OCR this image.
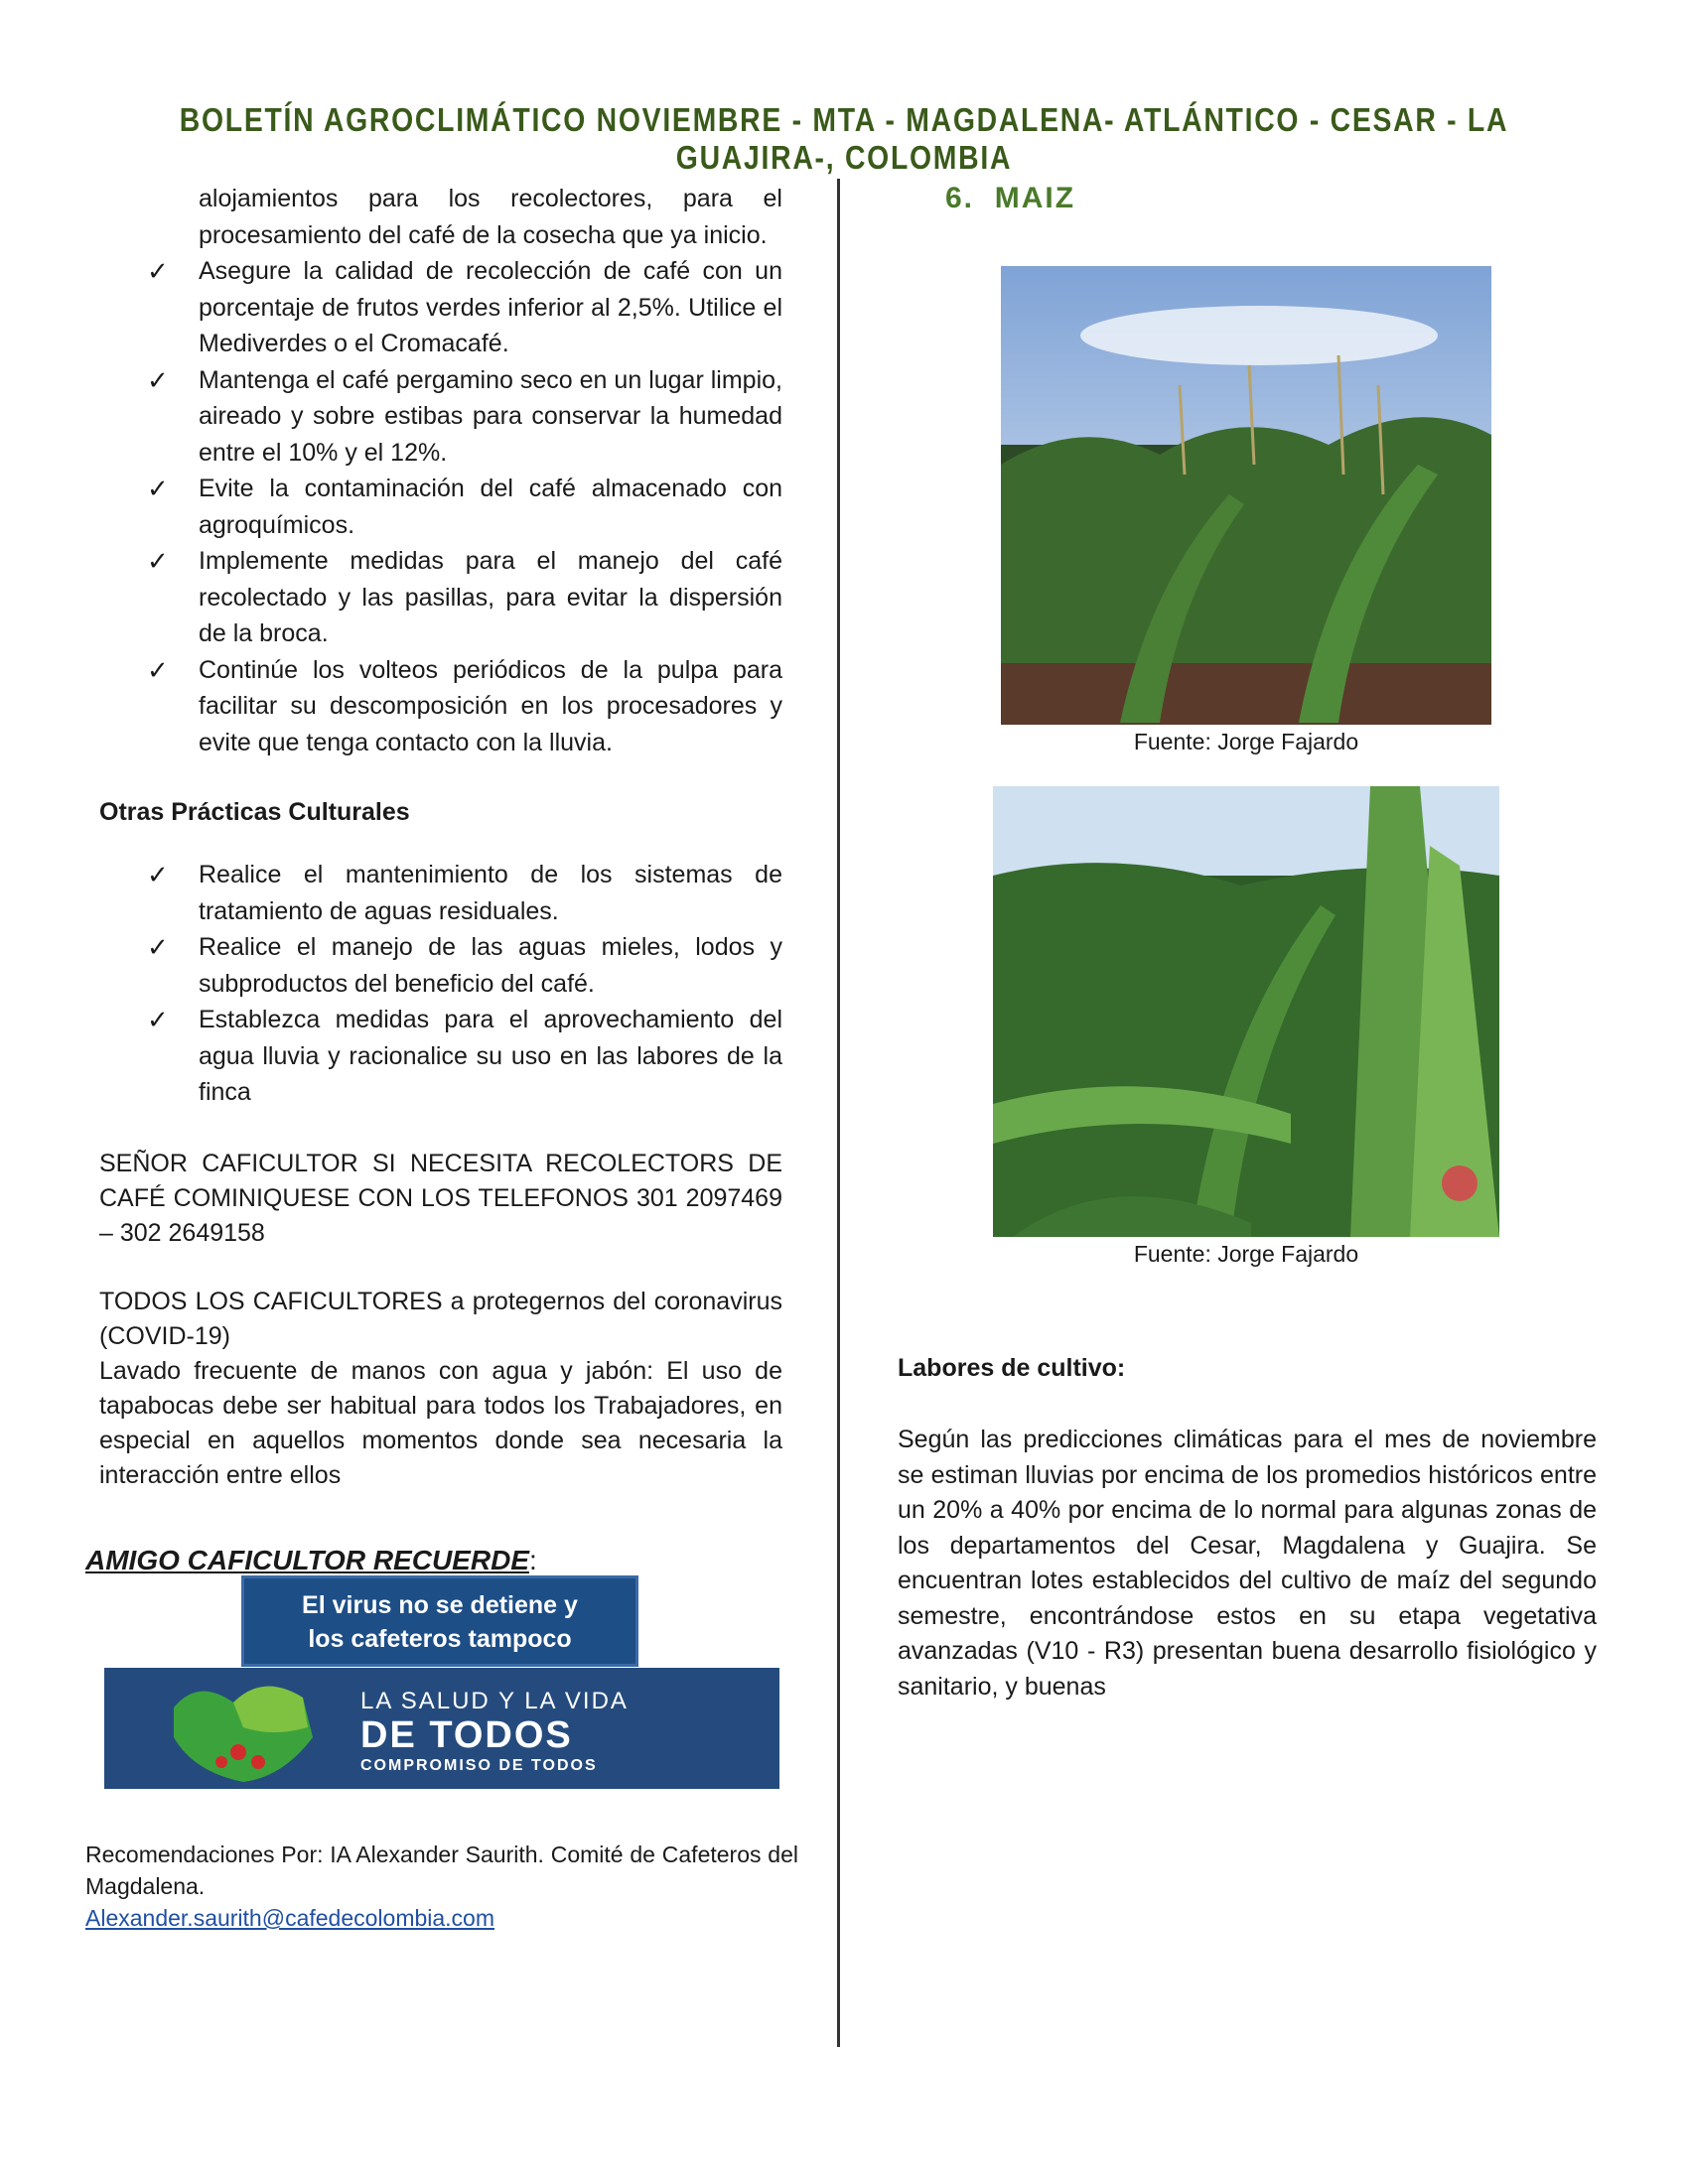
BOLETÍN AGROCLIMÁTICO NOVIEMBRE - MTA - MAGDALENA- ATLÁNTICO - CESAR - LA GUAJIRA-, COLOMBIA
alojamientos para los recolectores, para el procesamiento del café de la cosecha que ya inicio.
✓ Asegure la calidad de recolección de café con un porcentaje de frutos verdes inferior al 2,5%. Utilice el Mediverdes o el Cromacafé.
✓ Mantenga el café pergamino seco en un lugar limpio, aireado y sobre estibas para conservar la humedad entre el 10% y el 12%.
✓ Evite la contaminación del café almacenado con agroquímicos.
✓ Implemente medidas para el manejo del café recolectado y las pasillas, para evitar la dispersión de la broca.
✓ Continúe los volteos periódicos de la pulpa para facilitar su descomposición en los procesadores y evite que tenga contacto con la lluvia.

Otras Prácticas Culturales

✓ Realice el mantenimiento de los sistemas de tratamiento de aguas residuales.
✓ Realice el manejo de las aguas mieles, lodos y subproductos del beneficio del café.
✓ Establezca medidas para el aprovechamiento del agua lluvia y racionalice su uso en las labores de la finca

SEÑOR CAFICULTOR SI NECESITA RECOLECTORS DE CAFÉ COMINIQUESE CON LOS TELEFONOS 301 2097469 – 302 2649158

TODOS LOS CAFICULTORES a protegernos del coronavirus (COVID-19)

Lavado frecuente de manos con agua y jabón: El uso de tapabocas debe ser habitual para todos los Trabajadores, en especial en aquellos momentos donde sea necesaria la interacción entre ellos

AMIGO CAFICULTOR RECUERDE:

El virus no se detiene y
los cafeteros tampoco
LA SALUD Y LA VIDA
DE TODOS
COMPROMISO DE TODOS

Recomendaciones Por: IA Alexander Saurith. Comité de Cafeteros del Magdalena.

Alexander.saurith@cafedecolombia.com

6. MAIZ

Fuente: Jorge Fajardo
Fuente: Jorge Fajardo

Labores de cultivo:

Según las predicciones climáticas para el mes de noviembre se estiman lluvias por encima de los promedios históricos entre un 20% a 40% por encima de lo normal para algunas zonas de los departamentos del Cesar, Magdalena y Guajira. Se encuentran lotes establecidos del cultivo de maíz del segundo semestre, encontrándose estos en su etapa vegetativa avanzadas (V10 - R3) presentan buena desarrollo fisiológico y sanitario, y buenas
